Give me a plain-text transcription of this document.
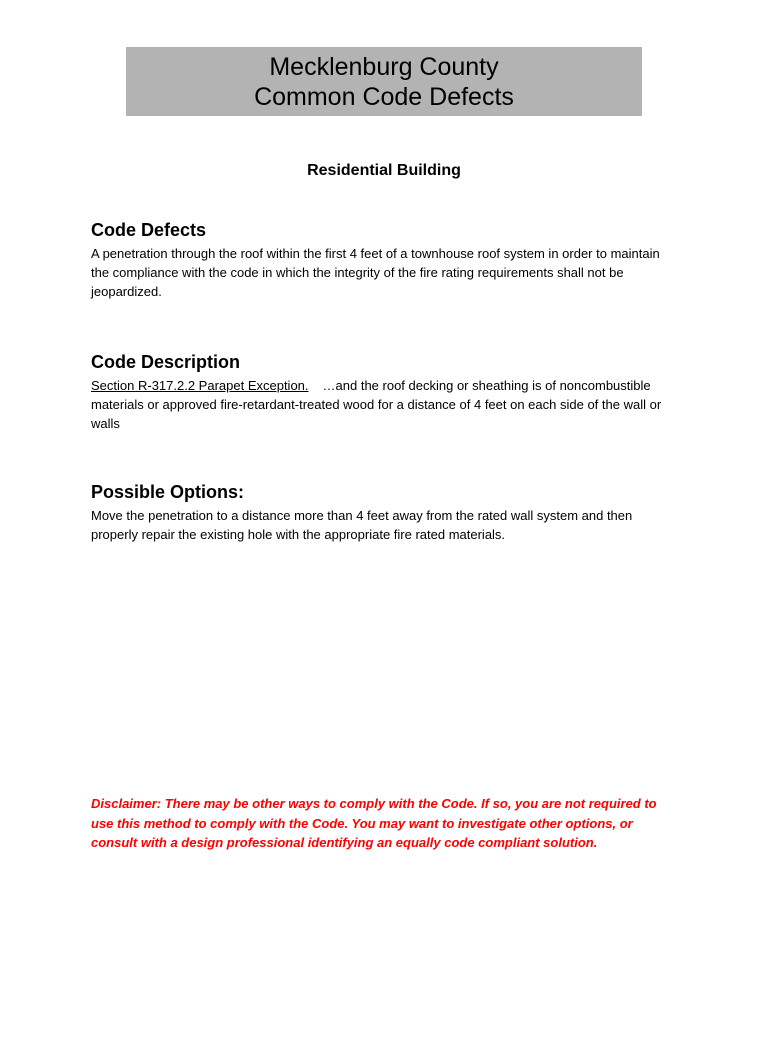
Mecklenburg County
Common Code Defects
Residential Building
Code Defects

A penetration through the roof within the first 4 feet of a townhouse roof system in order to maintain the compliance with the code in which the integrity of the fire rating requirements shall not be jeopardized.

Code Description

Section R-317.2.2 Parapet Exception. …and the roof decking or sheathing is of noncombustible materials or approved fire-retardant-treated wood for a distance of 4 feet on each side of the wall or walls

Possible Options:

Move the penetration to a distance more than 4 feet away from the rated wall system and then properly repair the existing hole with the appropriate fire rated materials.

Disclaimer: There may be other ways to comply with the Code. If so, you are not required to use this method to comply with the Code. You may want to investigate other options, or consult with a design professional identifying an equally code compliant solution.
